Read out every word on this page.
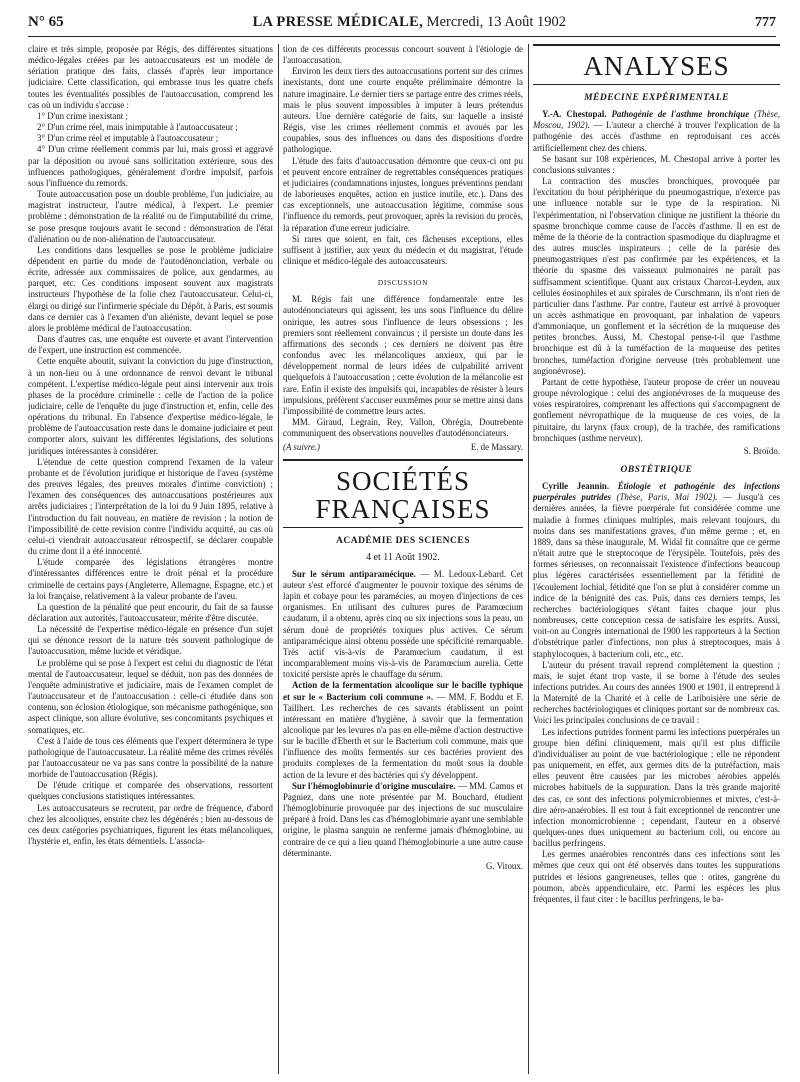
N° 65	LA PRESSE MÉDICALE, Mercredi, 13 Août 1902	777

claire et très simple, proposée par Régis, des différentes situations médico-légales créées par les autoaccusateurs est un modèle de sériation pratique des faits, classés d'après leur importance judiciaire. Cette classification, qui embrasse tous les quatre chefs toutes les éventualités possibles de l'autoaccusation, comprend les cas où un individu s'accuse :

1° D'un crime inexistant ;

2° D'un crime réel, mais inimputable à l'autoaccusateur ;

3° D'un crime réel et imputable à l'autoaccusateur ;

4° D'un crime réellement commis par lui, mais grossi et aggravé par la déposition ou avoué sans sollicitation extérieure, sous des influences pathologiques, généralement d'ordre impulsif, parfois sous l'influence du remords.

Toute autoaccusation pose un double problème, l'un judiciaire, au magistrat instructeur, l'autre médical, à l'expert. Le premier problème : démonstration de la réalité ou de l'imputabilité du crime, se pose presque toujours avant le second : démonstration de l'état d'aliénation ou de non-aliénation de l'autoaccusateur.

Les conditions dans lesquelles se pose le problème judiciaire dépendent en partie du mode de l'autodénonciation, verbale ou écrite, adressée aux commissaires de police, aux gendarmes, au parquet, etc. Ces conditions imposent souvent aux magistrats instructeurs l'hypothèse de la folie chez l'autoaccusateur. Celui-ci, élargi ou dirigé sur l'infirmerie spéciale du Dépôt, à Paris, est soumis dans ce dernier cas à l'examen d'un aliéniste, devant lequel se pose alors le problème médical de l'autoaccusation.

Dans d'autres cas, une enquête est ouverte et avant l'intervention de l'expert, une instruction est commencée.

Cette enquête aboutit, suivant la conviction du juge d'instruction, à un non-lieu ou à une ordonnance de renvoi devant le tribunal compétent. L'expertise médico-légale peut ainsi intervenir aux trois phases de la procédure criminelle : celle de l'action de la police judiciaire, celle de l'enquête du juge d'instruction et, enfin, celle des opérations du tribunal. En l'absence d'expertise médico-légale, le problème de l'autoaccusation reste dans le domaine judiciaire et peut comporter alors, suivant les différentes législations, des solutions juridiques intéressantes à considérer.

L'étendue de cette question comprend l'examen de la valeur probante et de l'évolution juridique et historique de l'aveu (système des preuves légales, des preuves morales d'intime conviction) ; l'examen des conséquences des autoaccusations postérieures aux arrêts judiciaires ; l'interprétation de la loi du 9 Juin 1895, relative à l'introduction du fait nouveau, en matière de revision ; la notion de l'impossibilité de cette revision contre l'individu acquitté, au cas où celui-ci viendrait autoaccusateur rétrospectif, se déclarer coupable du crime dont il a été innocenté.

L'étude comparée des législations étrangères montre d'intéressantes différences entre le droit pénal et la procédure criminelle de certains pays (Angleterre, Allemagne, Espagne, etc.) et la loi française, relativement à la valeur probante de l'aveu.

La question de la pénalité que peut encourir, du fait de sa fausse déclaration aux autorités, l'autoaccusateur, mérite d'être discutée.

La nécessité de l'expertise médico-légale en présence d'un sujet qui se dénonce ressort de la nature très souvent pathologique de l'autoaccusation, même lucide et véridique.

Le problème qui se pose à l'expert est celui du diagnostic de l'état mental de l'autoaccusateur, lequel se déduit, non pas des données de l'enquête administrative et judiciaire, mais de l'examen complet de l'autoaccusateur et de l'autoaccusation : celle-ci étudiée dans son contenu, son éclosion étiologique, son mécanisme pathogénique, son aspect clinique, son allure évolutive, ses concomitants psychiques et somatiques, etc.

C'est à l'aide de tous ces éléments que l'expert déterminera le type pathologique de l'autoaccusateur. La réalité même des crimes révélés par l'autoaccusateur ne va pas sans contre la possibilité de la nature morbide de l'autoaccusation (Régis).

De l'étude critique et comparée des observations, ressortent quelques conclusions statistiques intéressantes.

Les autoaccusateurs se recrutent, par ordre de fréquence, d'abord chez les alcooliques, ensuite chez les dégénérés ; bien au-dessous de ces deux catégories psychiatriques, figurent les états mélancoliques, l'hystérie et, enfin, les états démentiels. L'associa-

tion de ces différents processus concourt souvent à l'étiologie de l'autoaccusation.

Environ les deux tiers des autoaccusations portent sur des crimes inexistants, dont une courte enquête préliminaire démontre la nature imaginaire. Le dernier tiers se partage entre des crimes réels, mais le plus souvent impossibles à imputer à leurs prétendus auteurs. Une dernière catégorie de faits, sur laquelle a insisté Régis, vise les crimes réellement commis et avoués par les coupables, sous des influences ou dans des dispositions d'ordre pathologique.

L'étude des faits d'autoaccusation démontre que ceux-ci ont pu et peuvent encore entraîner de regrettables conséquences pratiques et judiciaires (condamnations injustes, longues préventions pendant de laborieuses enquêtes, action en justice inutile, etc.). Dans des cas exceptionnels, une autoaccusation légitime, commise sous l'influence du remords, peut provoquer, après la revision du procès, la réparation d'une erreur judiciaire.

Si rares que soient, en fait, ces fâcheuses exceptions, elles suffisent à justifier, aux yeux du médecin et du magistrat, l'étude clinique et médico-légale des autoaccusateurs.

DISCUSSION

M. Régis fait une différence fondamentale entre les autodénonciateurs qui agissent, les uns sous l'influence du délire onirique, les autres sous l'influence de leurs obsessions ; les premiers sont réellement convaincus ; il persiste un doute dans les affirmations des seconds ; ces derniers ne doivent pas être confondus avec les mélancoliques anxieux, qui par le développement normal de leurs idées de culpabilité arrivent quelquefois à l'autoaccusation ; cette évolution de la mélancolie est rare. Enfin il existe des impulsifs qui, incapables de résister à leurs impulsions, préfèrent s'accuser euxmêmes pour se mettre ainsi dans l'impossibilité de commettre leurs actes.

MM. Giraud, Legrain, Rey, Vallon, Obrégia, Doutrebente communiquent des observations nouvelles d'autodénonciateurs.

(A suivre.)	E. de Massary.
SOCIÉTÉS FRANÇAISES
ACADÉMIE DES SCIENCES
4 et 11 Août 1902.

Sur le sérum antiparamécique. — M. Ledoux-Lebard. Cet auteur s'est efforcé d'augmenter le pouvoir toxique des sérums de lapin et cobaye pour les paramécies, au moyen d'injections de ces organismes. En utilisant des cultures pures de Paramœcium caudatum, il a obtenu, après cinq ou six injections sous la peau, un sérum doué de propriétés toxiques plus actives. Ce sérum antiparamécique ainsi obtenu possède une spécificité remarquable. Très actif vis-à-vis de Paramœcium caudatum, il est incomparablement moins vis-à-vis de Paramœcium aurelia. Cette toxicité persiste après le chauffage du sérum.

Action de la fermentation alcoolique sur le bacille typhique et sur le « Bacterium coli commune ». — MM. F. Boddu et F. Taillhert. Les recherches de ces savants établissent un point intéressant en matière d'hygiène, à savoir que la fermentation alcoolique par les levures n'a pas en elle-même d'action destructive sur le bacille d'Eberth et sur le Bacterium coli commune, mais que l'influence des moûts fermentés sur ces bactéries provient des produits complexes de la fermentation du moût sous la double action de la levure et des bactéries qui s'y développent.

Sur l'hémoglobinurie d'origine musculaire. — MM. Camus et Pagniez, dans une note présentée par M. Bouchard, étudient l'hémoglobinurie provoquée par des injections de suc musculaire préparé à froid. Dans les cas d'hémoglobinurie ayant une semblable origine, le plasma sanguin ne renferme jamais d'hémoglobine, au contraire de ce qui a lieu quand l'hémoglobinurie a une autre cause déterminante.

G. Vitoux.
ANALYSES
MÉDECINE EXPÉRIMENTALE

Y.-A. Chestopal. Pathogénie de l'asthme bronchique (Thèse, Moscou, 1902). — L'auteur a cherché à trouver l'explication de la pathogénie des accès d'asthme en reproduisant ces accès artificiellement chez des chiens.

Se basant sur 108 expériences, M. Chestopal arrive à porter les conclusions suivantes :

La contraction des muscles bronchiques, provoquée par l'excitation du bout périphérique du pneumogastrique, n'exerce pas une influence notable sur le type de la respiration. Ni l'expérimentation, ni l'observation clinique ne justifient la théorie du spasme bronchique comme cause de l'accès d'asthme. Il en est de même de la théorie de la contraction spasmodique du diaphragme et des autres muscles inspirateurs ; celle de la parésie des pneumogastriques n'est pas confirmée par les expériences, et la théorie du spasme des vaisseaux pulmonaires ne paraît pas suffisamment scientifique. Quant aux cristaux Charcot-Leyden, aux cellules éosinophiles et aux spirales de Curschmann, ils n'ont rien de particulier dans l'asthme. Par contre, l'auteur est arrivé à provoquer un accès asthmatique en provoquant, par inhalation de vapeurs d'ammoniaque, un gonflement et la sécrétion de la muqueuse des petites bronches. Aussi, M. Chestopal pense-t-il que l'asthme bronchique est dû à la tuméfaction de la muqueuse des petites bronches, tuméfaction d'origine nerveuse (très probablement une angionévrose).

Partant de cette hypothèse, l'auteur propose de créer un nouveau groupe névrologique : celui des angionévroses de la muqueuse des voies respiratoires, comprenant les affections qui s'accompagnent de gonflement névropathique de la muqueuse de ces voies, de la pituitaire, du larynx (faux croup), de la trachée, des ramifications bronchiques (asthme nerveux).

S. Broïdo.
OBSTÉTRIQUE

Cyrille Jeannin. Étiologie et pathogénie des infections puerpérales putrides (Thèse, Paris, Mai 1902). — Jusqu'à ces dernières années, la fièvre puerpérale fut considérée comme une maladie à formes cliniques multiples, mais relevant toujours, du moins dans ses manifestations graves, d'un même germe ; et, en 1889, dans sa thèse inaugurale, M. Widal fit connaître que ce germe n'était autre que le streptocoque de l'érysipèle. Toutefois, près des formes sérieuses, on reconnaissait l'existence d'infections beaucoup plus légères caractérisées essentiellement par la fétidité de l'écoulement lochial, fétidité que l'on se plut à considérer comme un indice de la bénignité des cas. Puis, dans ces derniers temps, les recherches bactériologiques s'étant faites chaque jour plus nombreuses, cette conception cessa de satisfaire les esprits. Aussi, voit-on au Congrès international de 1900 les rapporteurs à la Section d'obstétrique parler d'infections, non plus à streptocoques, mais à staphylocoques, à bacterium coli, etc., etc.

L'auteur du présent travail reprend complètement la question ; mais, le sujet étant trop vaste, il se borne à l'étude des seules infections putrides. Au cours des années 1900 et 1901, il entreprend à la Maternité de la Charité et à celle de Lariboisière une série de recherches bactériologiques et cliniques portant sur de nombreux cas. Voici les principales conclusions de ce travail :

Les infections putrides forment parmi les infections puerpérales un groupe bien défini cliniquement, mais qu'il est plus difficile d'individualiser au point de vue bactériologique ; elle ne répondent pas uniquement, en effet, aux germes dits de la putréfaction, mais elles peuvent être causées par les microbes aérobies appelés microbes habituels de la suppuration. Dans la très grande majorité des cas, ce sont des infections polymicrobiennes et mixtes, c'est-à-dire aéro-anaérobies. Il est tout à fait exceptionnel de rencontrer une infection monomicrobienne ; cependant, l'auteur en a observé quelques-unes dues uniquement au bacterium coli, ou encore au bacillus perfringens.

Les germes anaérobies rencontrés dans ces infections sont les mêmes que ceux qui ont été observés dans toutes les suppurations putrides et lésions gangreneuses, telles que : otites, gangrène du poumon, abcès appendiculaire, etc. Parmi les espèces les plus fréquentes, il faut citer : le bacillus perfringens, le ba-
